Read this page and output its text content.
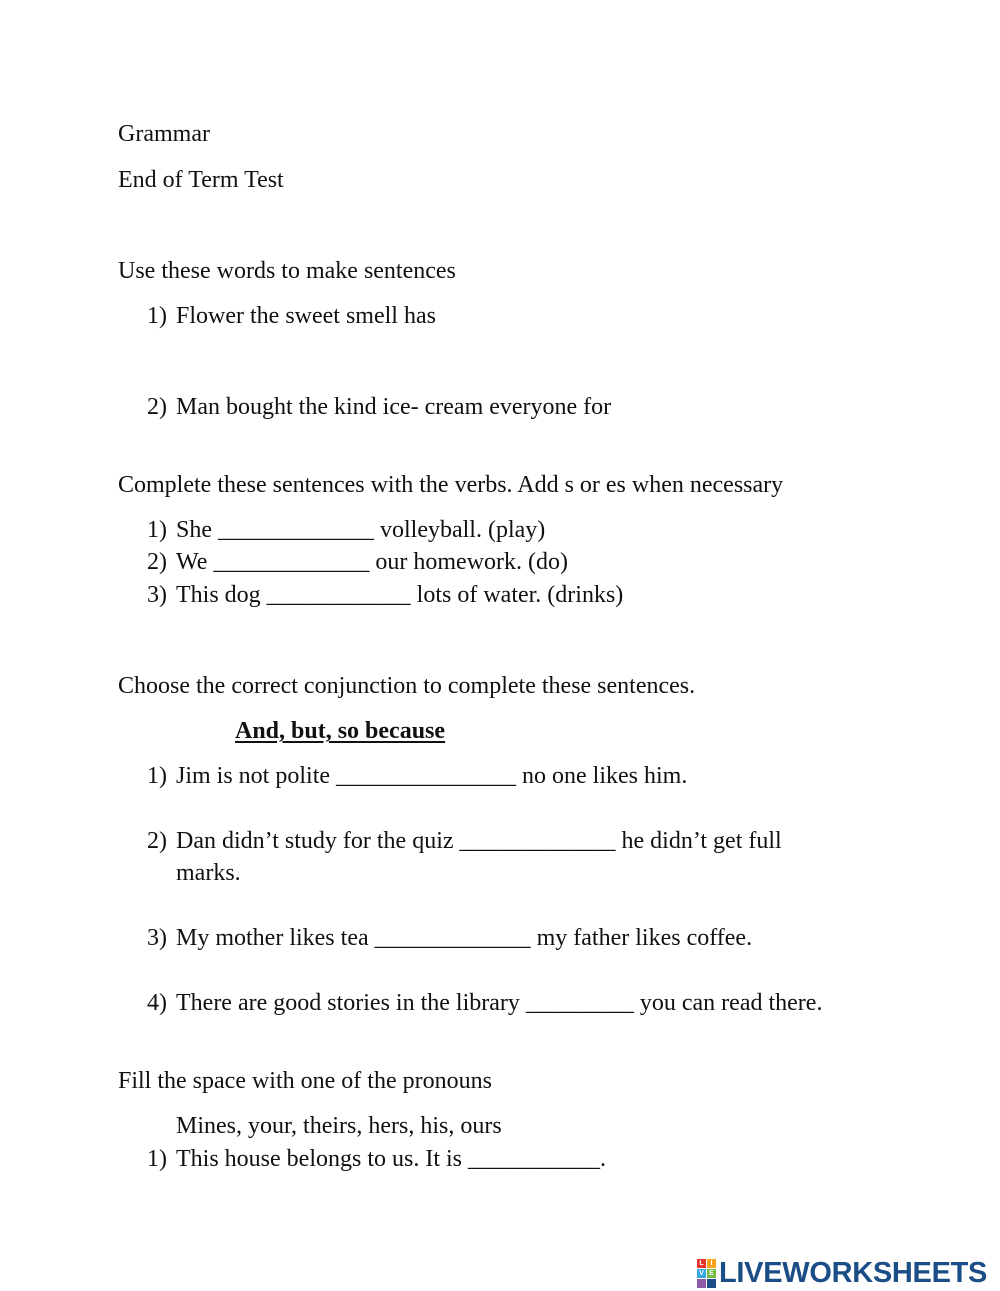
Grammar
End of Term Test
Use these words to make sentences
1) Flower the sweet smell has
2) Man bought the kind ice- cream everyone for
Complete these sentences with the verbs. Add s or es when necessary
1) She _____________ volleyball. (play)
2) We _____________ our homework. (do)
3) This dog ____________ lots of water. (drinks)
Choose the correct conjunction to complete these sentences.
And, but, so because
1) Jim is not polite _______________ no one likes him.
2) Dan didn’t study for the quiz _____________ he didn’t get full
marks.
3) My mother likes tea _____________ my father likes coffee.
4) There are good stories in the library _________ you can read there.
Fill the space with one of the pronouns
Mines, your, theirs, hers, his, ours
1) This house belongs to us. It is ___________.
L I
V E LIVEWORKSHEETS
